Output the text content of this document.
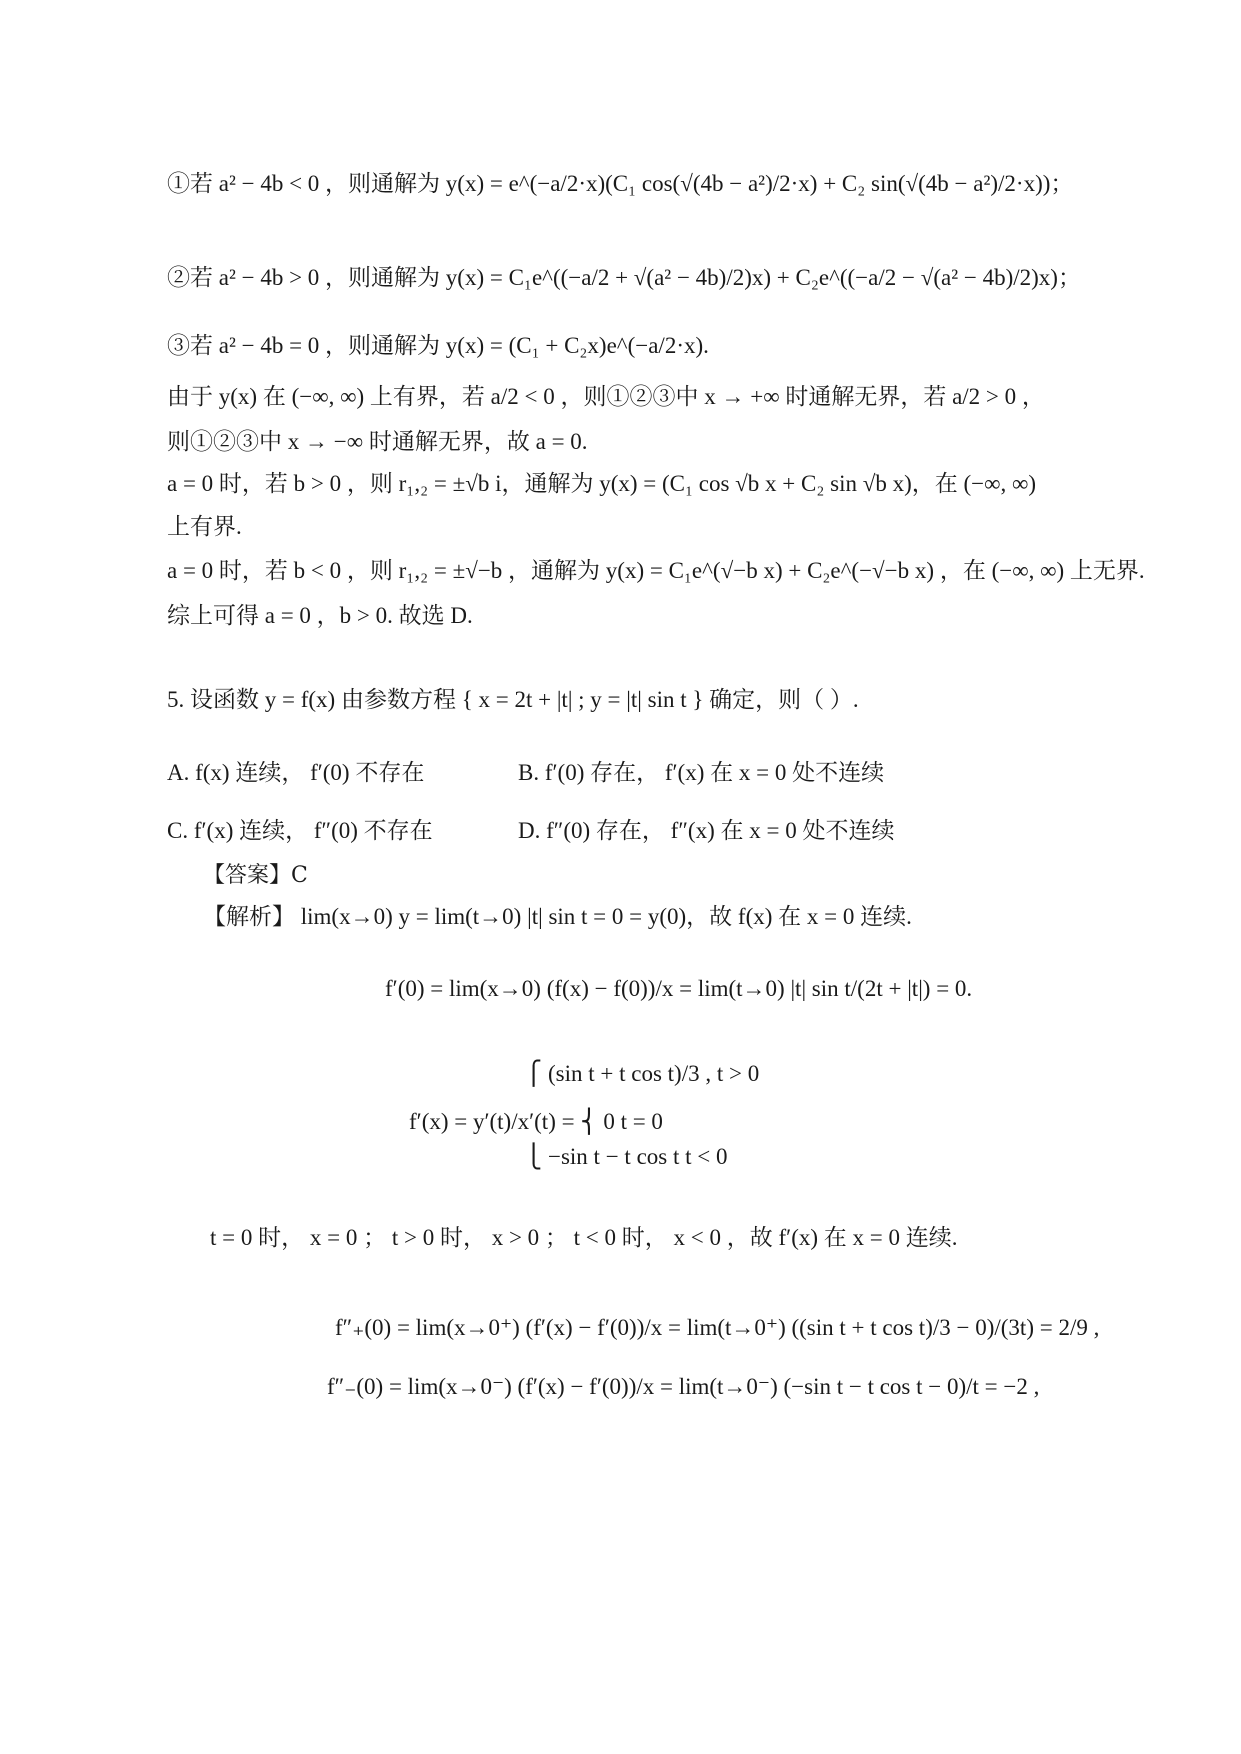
①若 a² − 4b < 0 ，则通解为 y(x) = e^(−a/2·x)(C₁ cos(√(4b − a²)/2·x) + C₂ sin(√(4b − a²)/2·x))；
②若 a² − 4b > 0 ，则通解为 y(x) = C₁e^((−a/2 + √(a² − 4b)/2)x) + C₂e^((−a/2 − √(a² − 4b)/2)x)；
③若 a² − 4b = 0 ，则通解为 y(x) = (C₁ + C₂x)e^(−a/2·x).
由于 y(x) 在 (−∞, ∞) 上有界，若 a/2 < 0 ，则①②③中 x → +∞ 时通解无界，若 a/2 > 0 ，
则①②③中 x → −∞ 时通解无界，故 a = 0.
a = 0 时，若 b > 0 ，则 r₁,₂ = ±√b i，通解为 y(x) = (C₁ cos √b x + C₂ sin √b x)，在 (−∞, ∞)
上有界.
a = 0 时，若 b < 0 ，则 r₁,₂ = ±√−b ，通解为 y(x) = C₁e^(√−b x) + C₂e^(−√−b x) ，在 (−∞, ∞) 上无界.
综上可得 a = 0 ，b > 0. 故选 D.
5. 设函数 y = f(x) 由参数方程 { x = 2t + |t| ; y = |t| sin t } 确定，则（ ）.
A. f(x) 连续， f′(0) 不存在	B. f′(0) 存在， f′(x) 在 x = 0 处不连续
C. f′(x) 连续， f″(0) 不存在	D. f″(0) 存在， f″(x) 在 x = 0 处不连续
【答案】C
【解析】 lim(x→0) y = lim(t→0) |t| sin t = 0 = y(0)，故 f(x) 在 x = 0 连续.
f′(0) = lim(x→0) (f(x) − f(0))/x = lim(t→0) |t| sin t/(2t + |t|) = 0.
⎧ (sin t + t cos t)/3 , t > 0
f′(x) = y′(t)/x′(t) = ⎨ 0 t = 0
⎩ −sin t − t cos t t < 0
t = 0 时， x = 0 ； t > 0 时， x > 0 ； t < 0 时， x < 0 ，故 f′(x) 在 x = 0 连续.
f″₊(0) = lim(x→0⁺) (f′(x) − f′(0))/x = lim(t→0⁺) ((sin t + t cos t)/3 − 0)/(3t) = 2/9 ,
f″₋(0) = lim(x→0⁻) (f′(x) − f′(0))/x = lim(t→0⁻) (−sin t − t cos t − 0)/t = −2 ,
